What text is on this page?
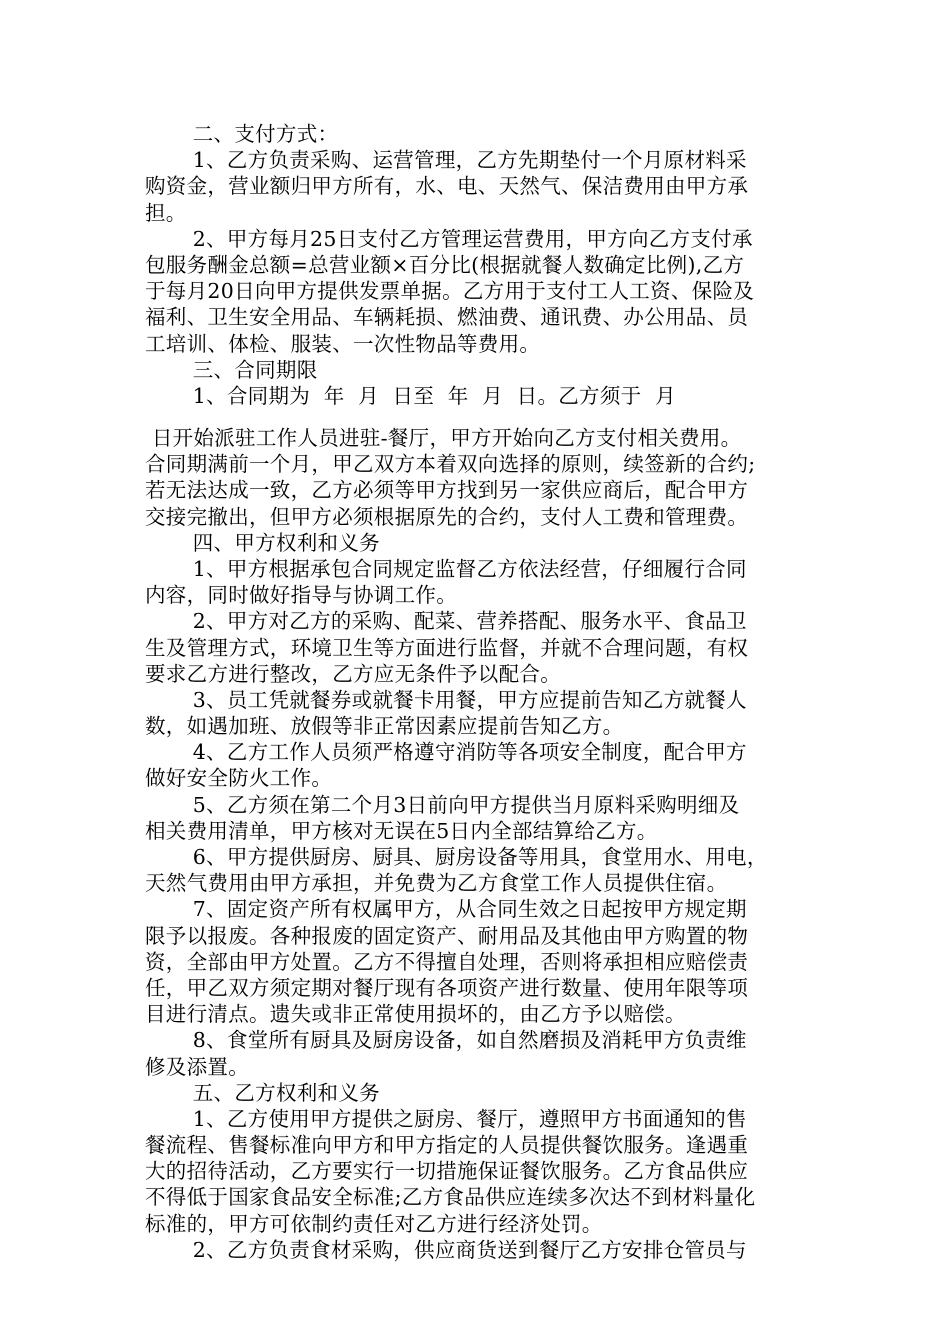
二、支付方式：
1、乙方负责采购、运营管理，乙方先期垫付一个月原材料采
购资金，营业额归甲方所有，水、电、天然气、保洁费用由甲方承
担。
2、甲方每月25日支付乙方管理运营费用，甲方向乙方支付承
包服务酬金总额=总营业额×百分比(根据就餐人数确定比例),乙方
于每月20日向甲方提供发票单据。乙方用于支付工人工资、保险及
福利、卫生安全用品、车辆耗损、燃油费、通讯费、办公用品、员
工培训、体检、服装、一次性物品等费用。
三、合同期限
1、合同期为  年  月  日至  年  月  日。乙方须于  月
日开始派驻工作人员进驻-餐厅，甲方开始向乙方支付相关费用。
合同期满前一个月，甲乙双方本着双向选择的原则，续签新的合约;
若无法达成一致，乙方必须等甲方找到另一家供应商后，配合甲方
交接完撤出，但甲方必须根据原先的合约，支付人工费和管理费。
四、甲方权利和义务
1、甲方根据承包合同规定监督乙方依法经营，仔细履行合同
内容，同时做好指导与协调工作。
2、甲方对乙方的采购、配菜、营养搭配、服务水平、食品卫
生及管理方式，环境卫生等方面进行监督，并就不合理问题，有权
要求乙方进行整改，乙方应无条件予以配合。
3、员工凭就餐券或就餐卡用餐，甲方应提前告知乙方就餐人
数，如遇加班、放假等非正常因素应提前告知乙方。
4、乙方工作人员须严格遵守消防等各项安全制度，配合甲方
做好安全防火工作。
5、乙方须在第二个月3日前向甲方提供当月原料采购明细及
相关费用清单，甲方核对无误在5日内全部结算给乙方。
6、甲方提供厨房、厨具、厨房设备等用具，食堂用水、用电，
天然气费用由甲方承担，并免费为乙方食堂工作人员提供住宿。
7、固定资产所有权属甲方，从合同生效之日起按甲方规定期
限予以报废。各种报废的固定资产、耐用品及其他由甲方购置的物
资，全部由甲方处置。乙方不得擅自处理，否则将承担相应赔偿责
任，甲乙双方须定期对餐厅现有各项资产进行数量、使用年限等项
目进行清点。遗失或非正常使用损坏的，由乙方予以赔偿。
8、食堂所有厨具及厨房设备，如自然磨损及消耗甲方负责维
修及添置。
五、乙方权利和义务
1、乙方使用甲方提供之厨房、餐厅，遵照甲方书面通知的售
餐流程、售餐标准向甲方和甲方指定的人员提供餐饮服务。逢遇重
大的招待活动，乙方要实行一切措施保证餐饮服务。乙方食品供应
不得低于国家食品安全标准;乙方食品供应连续多次达不到材料量化
标准的，甲方可依制约责任对乙方进行经济处罚。
2、乙方负责食材采购，供应商货送到餐厅乙方安排仓管员与
